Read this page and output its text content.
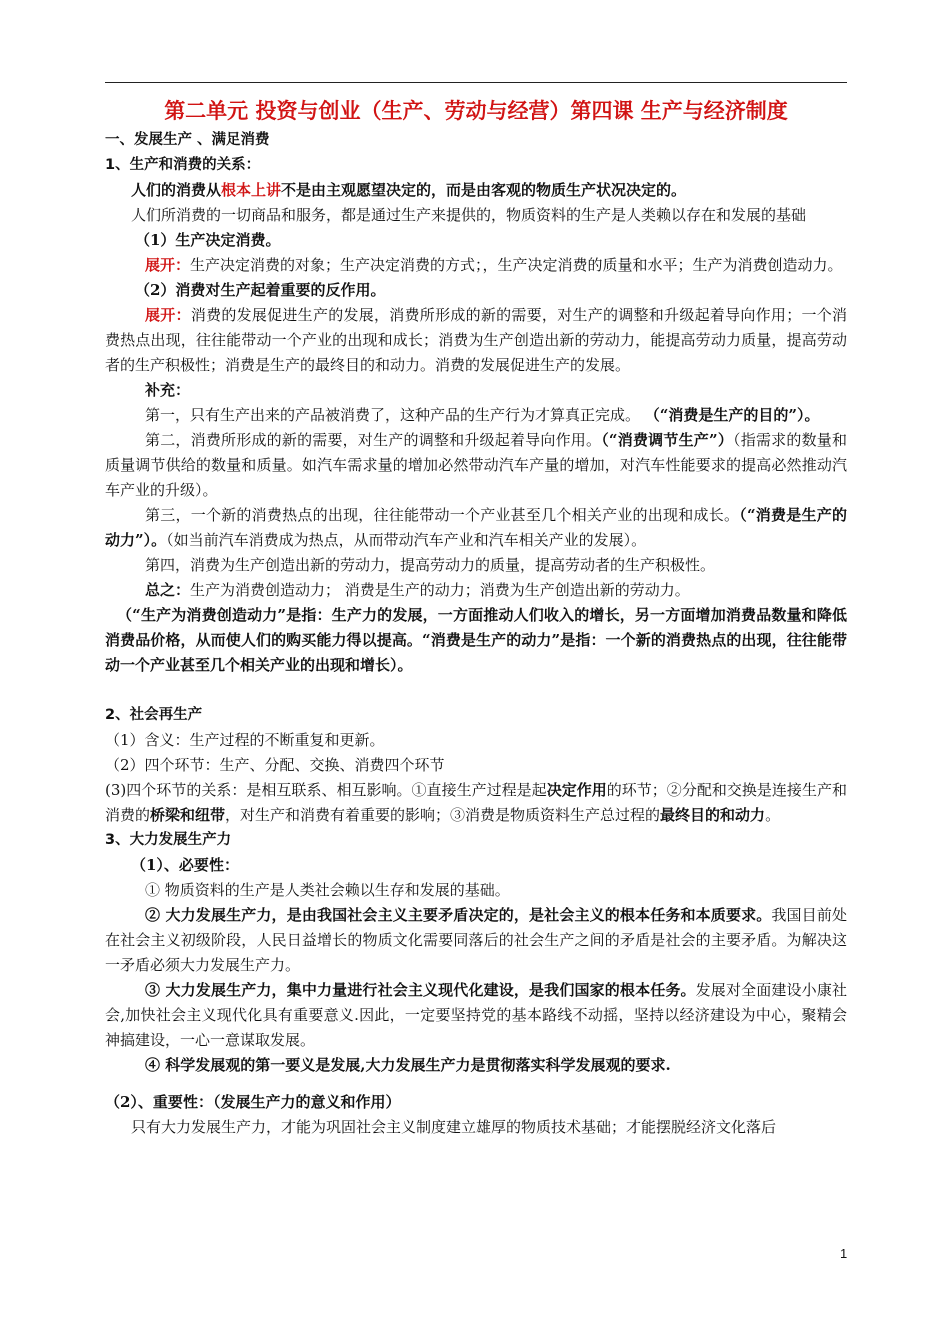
第二单元 投资与创业（生产、劳动与经营）第四课 生产与经济制度

一、发展生产 、满足消费

1、生产和消费的关系：

人们的消费从根本上讲不是由主观愿望决定的，而是由客观的物质生产状况决定的。

人们所消费的一切商品和服务，都是通过生产来提供的，物质资料的生产是人类赖以存在和发展的基础

（1）生产决定消费。

展开：生产决定消费的对象；生产决定消费的方式；，生产决定消费的质量和水平；生产为消费创造动力。

（2）消费对生产起着重要的反作用。

展开：消费的发展促进生产的发展，消费所形成的新的需要，对生产的调整和升级起着导向作用；一个消费热点出现，往往能带动一个产业的出现和成长；消费为生产创造出新的劳动力，能提高劳动力质量，提高劳动者的生产积极性；消费是生产的最终目的和动力。消费的发展促进生产的发展。

补充：

第一，只有生产出来的产品被消费了，这种产品的生产行为才算真正完成。 （“消费是生产的目的”）。

第二，消费所形成的新的需要，对生产的调整和升级起着导向作用。（“消费调节生产”）（指需求的数量和质量调节供给的数量和质量。如汽车需求量的增加必然带动汽车产量的增加，对汽车性能要求的提高必然推动汽车产业的升级）。

第三，一个新的消费热点的出现，往往能带动一个产业甚至几个相关产业的出现和成长。（“消费是生产的动力”）。（如当前汽车消费成为热点，从而带动汽车产业和汽车相关产业的发展）。

第四，消费为生产创造出新的劳动力，提高劳动力的质量，提高劳动者的生产积极性。

总之：生产为消费创造动力； 消费是生产的动力；消费为生产创造出新的劳动力。

（“生产为消费创造动力”是指：生产力的发展，一方面推动人们收入的增长，另一方面增加消费品数量和降低消费品价格，从而使人们的购买能力得以提高。“消费是生产的动力”是指：一个新的消费热点的出现，往往能带动一个产业甚至几个相关产业的出现和增长）。

2、社会再生产

（1）含义：生产过程的不断重复和更新。

（2）四个环节：生产、分配、交换、消费四个环节

(3)四个环节的关系：是相互联系、相互影响。①直接生产过程是起决定作用的环节；②分配和交换是连接生产和消费的桥梁和纽带，对生产和消费有着重要的影响；③消费是物质资料生产总过程的最终目的和动力。

3、大力发展生产力

（1）、必要性：

① 物质资料的生产是人类社会赖以生存和发展的基础。

② 大力发展生产力，是由我国社会主义主要矛盾决定的，是社会主义的根本任务和本质要求。我国目前处在社会主义初级阶段，人民日益增长的物质文化需要同落后的社会生产之间的矛盾是社会的主要矛盾。为解决这一矛盾必须大力发展生产力。

③ 大力发展生产力，集中力量进行社会主义现代化建设，是我们国家的根本任务。发展对全面建设小康社会,加快社会主义现代化具有重要意义.因此，一定要坚持党的基本路线不动摇，坚持以经济建设为中心，聚精会神搞建设，一心一意谋取发展。

④ 科学发展观的第一要义是发展,大力发展生产力是贯彻落实科学发展观的要求.

（2）、重要性：（发展生产力的意义和作用）

只有大力发展生产力，才能为巩固社会主义制度建立雄厚的物质技术基础；才能摆脱经济文化落后

1
